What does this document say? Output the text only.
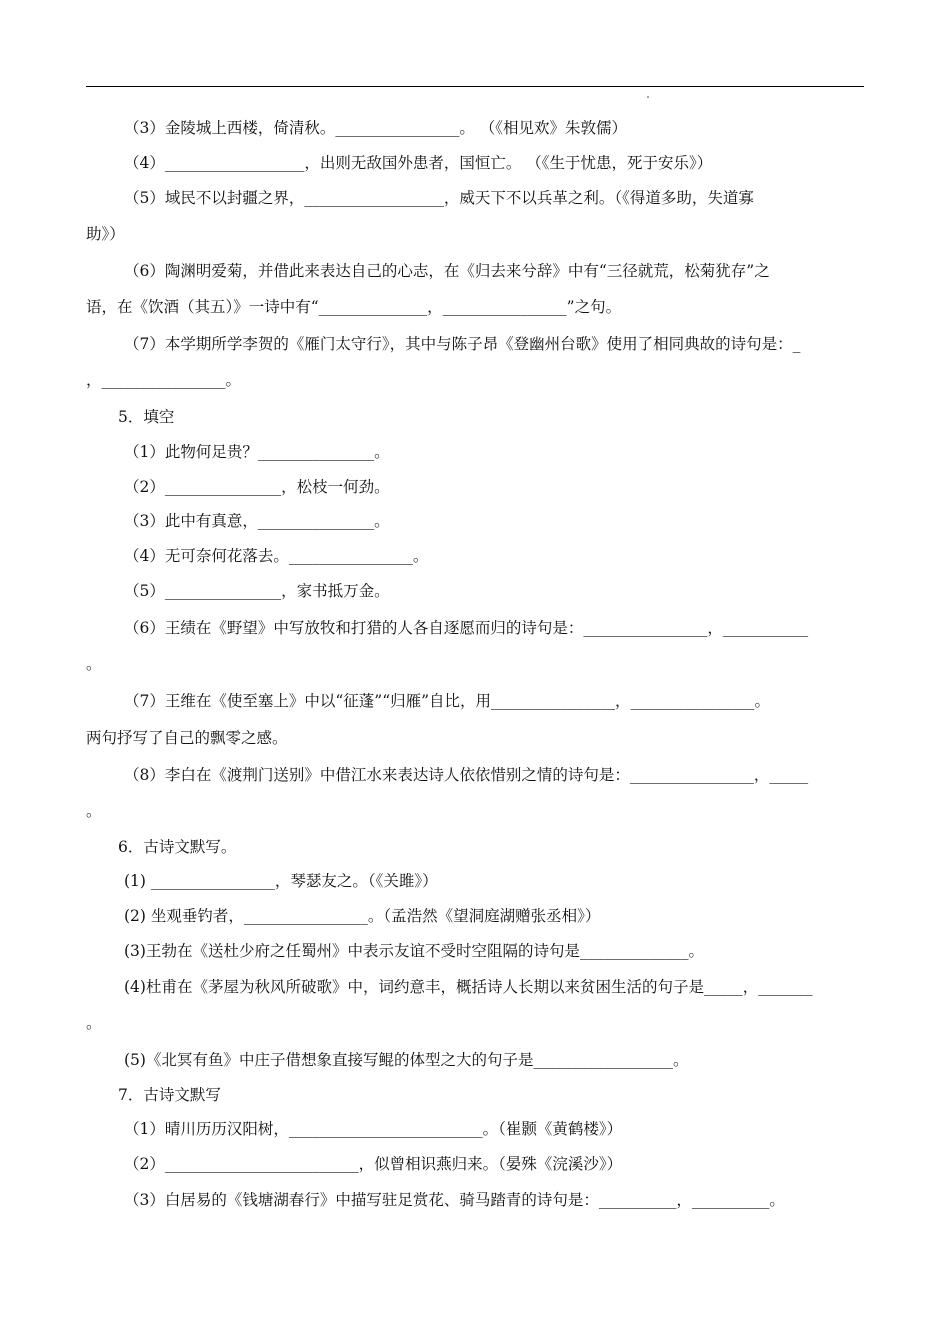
（3）金陵城上西楼，倚清秋。________________。 （《相见欢》朱敦儒）
（4）__________________，出则无敌国外患者，国恒亡。 （《生于忧患，死于安乐》）
（5）域民不以封疆之界，__________________，威天下不以兵革之利。（《得道多助，失道寡
助》）
（6）陶渊明爱菊，并借此来表达自己的心志，在《归去来兮辞》中有“三径就荒，松菊犹存”之
语，在《饮酒（其五）》一诗中有“______________，________________”之句。
（7）本学期所学李贺的《雁门太守行》，其中与陈子昂《登幽州台歌》使用了相同典故的诗句是：_
，________________。
5．填空
（1）此物何足贵？_______________。
（2）_______________，松枝一何劲。
（3）此中有真意，_______________。
（4）无可奈何花落去。________________。
（5）_______________，家书抵万金。
（6）王绩在《野望》中写放牧和打猎的人各自逐愿而归的诗句是：________________，___________
。
（7）王维在《使至塞上》中以“征蓬”“归雁”自比，用________________，________________。
两句抒写了自己的飘零之感。
（8）李白在《渡荆门送别》中借江水来表达诗人依依惜别之情的诗句是：________________，_____
。
6．古诗文默写。
(1) ________________，琴瑟友之。（《关雎》）
(2) 坐观垂钓者，________________。（孟浩然《望洞庭湖赠张丞相》）
(3)王勃在《送杜少府之任蜀州》中表示友谊不受时空阻隔的诗句是______________。
(4)杜甫在《茅屋为秋风所破歌》中，词约意丰，概括诗人长期以来贫困生活的句子是_____，_______
。
(5)《北冥有鱼》中庄子借想象直接写鲲的体型之大的句子是__________________。
7．古诗文默写
（1）晴川历历汉阳树，_________________________。（崔颢《黄鹤楼》）
（2）_________________________，似曾相识燕归来。（晏殊《浣溪沙》）
（3）白居易的《钱塘湖春行》中描写驻足赏花、骑马踏青的诗句是：__________，__________。
